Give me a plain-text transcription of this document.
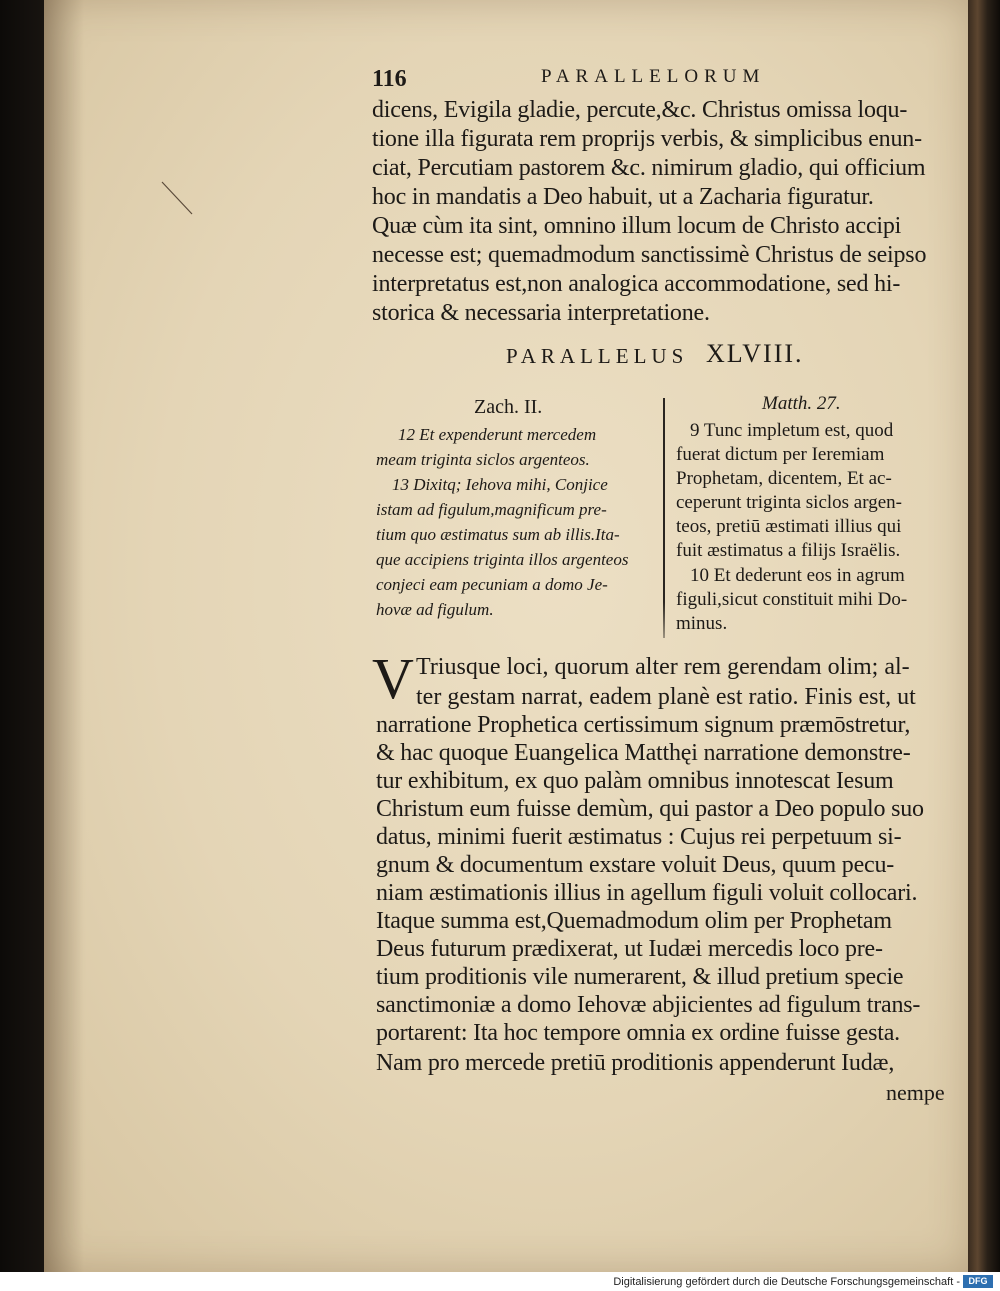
116	PARALLELORUM
dicens, Evigila gladie, percute,&c. Christus omissa loqu-
tione illa figurata rem proprijs verbis, & simplicibus enun-
ciat, Percutiam pastorem &c. nimirum gladio, qui officium
hoc in mandatis a Deo habuit, ut a Zacharia figuratur.
Quæ cùm ita sint, omnino illum locum de Christo accipi
necesse est; quemadmodum sanctissimè Christus de seipso
interpretatus est,non analogica accommodatione, sed hi-
storica & necessaria interpretatione.
PARALLELUS XLVIII.
Zach. II.
12 Et expenderunt mercedem
meam triginta siclos argenteos.
13 Dixitq; Iehova mihi, Conjice
istam ad figulum,magnificum pre-
tium quo æstimatus sum ab illis.Ita-
que accipiens triginta illos argenteos
conjeci eam pecuniam a domo Je-
hovæ ad figulum.
Matth. 27.
9 Tunc impletum est, quod
fuerat dictum per Ieremiam
Prophetam, dicentem, Et ac-
ceperunt triginta siclos argen-
teos, pretiū æstimati illius qui
fuit æstimatus a filijs Israëlis.
10 Et dederunt eos in agrum
figuli,sicut constituit mihi Do-
minus.
V Triusque loci, quorum alter rem gerendam olim; al-
ter gestam narrat, eadem planè est ratio. Finis est, ut
narratione Prophetica certissimum signum præmōstretur,
& hac quoque Euangelica Matthęi narratione demonstre-
tur exhibitum, ex quo palàm omnibus innotescat Iesum
Christum eum fuisse demùm, qui pastor a Deo populo suo
datus, minimi fuerit æstimatus : Cujus rei perpetuum si-
gnum & documentum exstare voluit Deus, quum pecu-
niam æstimationis illius in agellum figuli voluit collocari.
Itaque summa est,Quemadmodum olim per Prophetam
Deus futurum prædixerat, ut Iudæi mercedis loco pre-
tium proditionis vile numerarent, & illud pretium specie
sanctimoniæ a domo Iehovæ abjicientes ad figulum trans-
portarent: Ita hoc tempore omnia ex ordine fuisse gesta.
Nam pro mercede pretiū proditionis appenderunt Iudæ,
nempe
Digitalisierung gefördert durch die Deutsche Forschungsgemeinschaft - DFG
